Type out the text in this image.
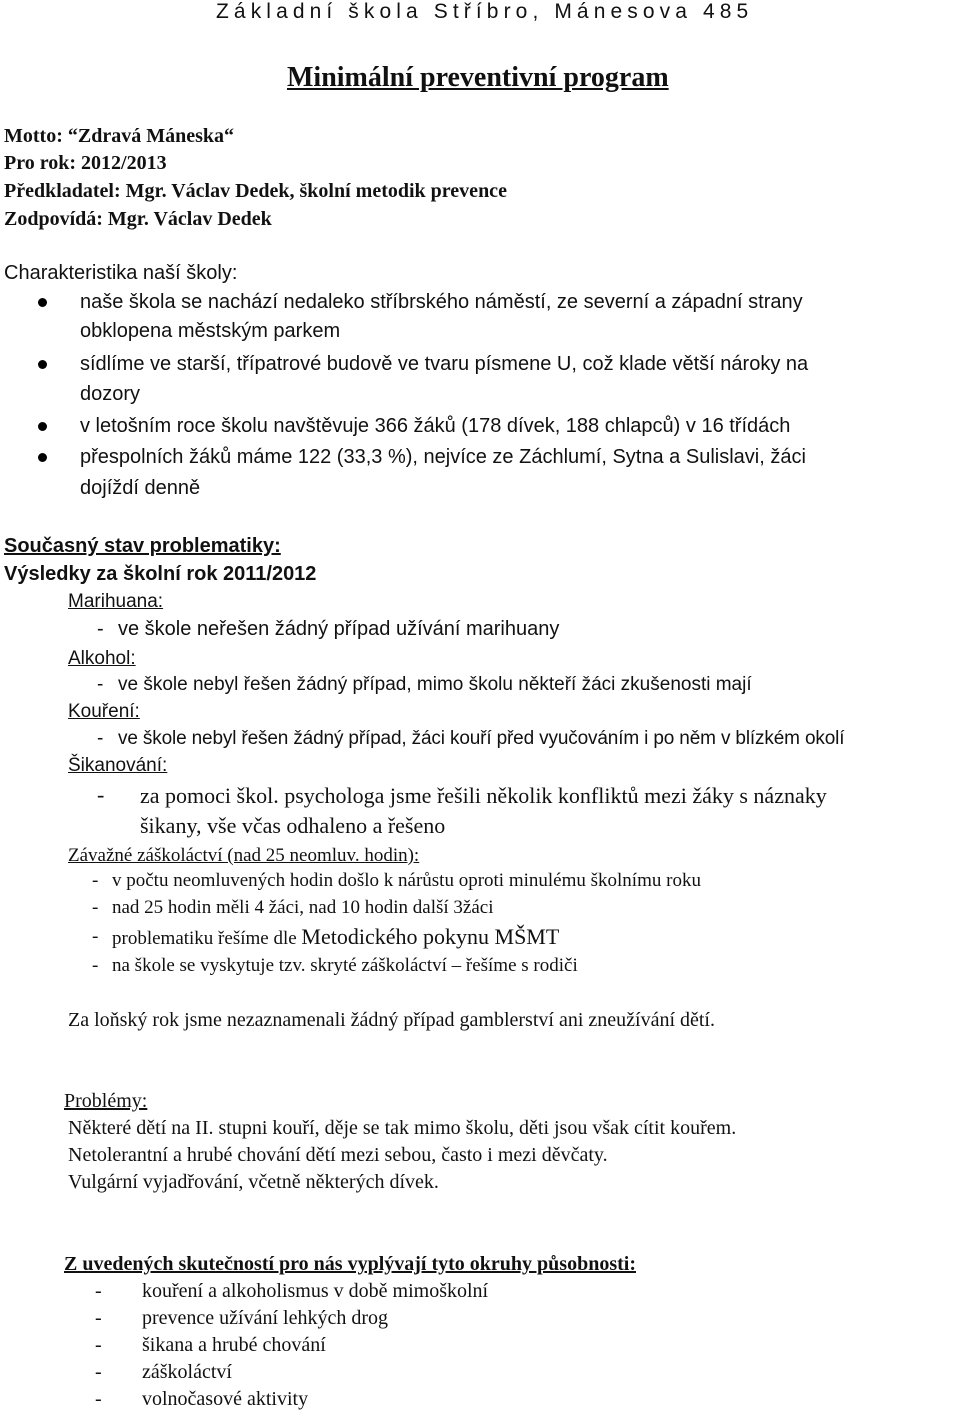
Základní škola Stříbro, Mánesova 485
Minimální preventivní program
Motto: “Zdravá Máneska“
Pro rok: 2012/2013
Předkladatel: Mgr. Václav Dedek, školní metodik prevence
Zodpovídá: Mgr. Václav Dedek
Charakteristika naší školy:
naše škola se nachází nedaleko stříbrského náměstí, ze severní a západní strany
obklopena městským parkem
sídlíme ve starší, třípatrové budově ve tvaru písmene U, což klade větší nároky na
dozory
v letošním roce školu navštěvuje 366 žáků (178 dívek, 188 chlapců) v 16 třídách
přespolních žáků máme 122 (33,3 %), nejvíce ze Záchlumí, Sytna a Sulislavi, žáci
dojíždí denně
Současný stav problematiky:
Výsledky za školní rok 2011/2012
Marihuana:
- ve škole neřešen žádný případ užívání marihuany
Alkohol:
- ve škole nebyl řešen žádný případ, mimo školu někteří žáci zkušenosti mají
Kouření:
- ve škole nebyl řešen žádný případ, žáci kouří před vyučováním i po něm v blízkém okolí
Šikanování:
- za pomoci škol. psychologa jsme řešili několik konfliktů mezi žáky s náznaky
šikany, vše včas odhaleno a řešeno
Závažné záškoláctví (nad 25 neomluv. hodin):
- v počtu neomluvených hodin došlo k nárůstu oproti minulému školnímu roku
- nad 25 hodin měli 4 žáci, nad 10 hodin další 3žáci
- problematiku řešíme dle Metodického pokynu MŠMT
- na škole se vyskytuje tzv. skryté záškoláctví – řešíme s rodiči
Za loňský rok jsme nezaznamenali žádný případ gamblerství ani zneužívání dětí.
Problémy:
Některé dětí na II. stupni kouří, děje se tak mimo školu, děti jsou však cítit kouřem.
Netolerantní a hrubé chování dětí mezi sebou, často i mezi děvčaty.
Vulgární vyjadřování, včetně některých dívek.
Z uvedených skutečností pro nás vyplývají tyto okruhy působnosti:
- kouření a alkoholismus v době mimoškolní
- prevence užívání lehkých drog
- šikana a hrubé chování
- záškoláctví
- volnočasové aktivity
